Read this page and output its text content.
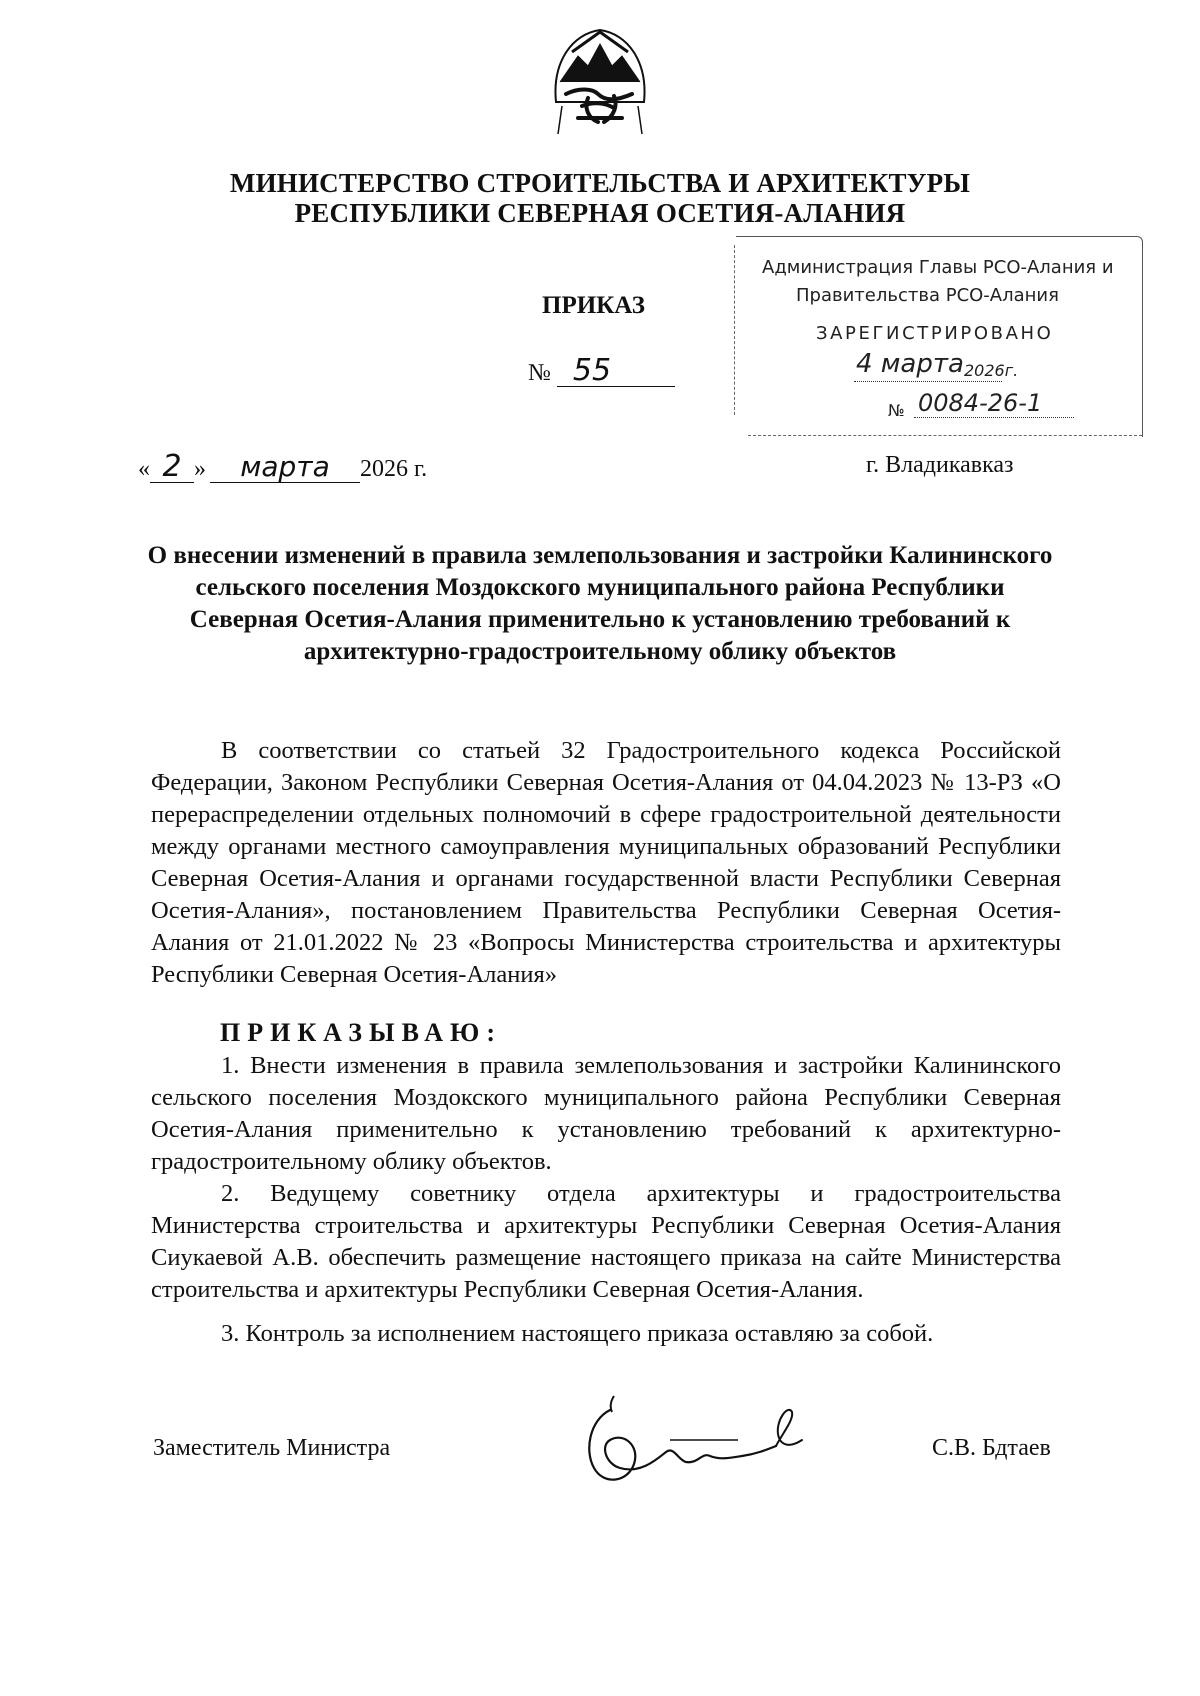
МИНИСТЕРСТВО СТРОИТЕЛЬСТВА И АРХИТЕКТУРЫ
РЕСПУБЛИКИ СЕВЕРНАЯ ОСЕТИЯ-АЛАНИЯ
ПРИКАЗ
№ 55
Администрация Главы РСО-Алания и
Правительства РСО-Алания
ЗАРЕГИСТРИРОВАНО
4 марта 2026г.
№ 0084-26-1
« 2 »	марта	2026 г.	г. Владикавказ
О внесении изменений в правила землепользования и застройки Калининского сельского поселения Моздокского муниципального района Республики Северная Осетия-Алания применительно к установлению требований к архитектурно-градостроительному облику объектов
В соответствии со статьей 32 Градостроительного кодекса Российской Федерации, Законом Республики Северная Осетия-Алания от 04.04.2023 № 13-РЗ «О перераспределении отдельных полномочий в сфере градостроительной деятельности между органами местного самоуправления муниципальных образований Республики Северная Осетия-Алания и органами государственной власти Республики Северная Осетия-Алания», постановлением Правительства Республики Северная Осетия-Алания от 21.01.2022 № 23 «Вопросы Министерства строительства и архитектуры Республики Северная Осетия-Алания»
ПРИКАЗЫВАЮ:
1. Внести изменения в правила землепользования и застройки Калининского сельского поселения Моздокского муниципального района Республики Северная Осетия-Алания применительно к установлению требований к архитектурно-градостроительному облику объектов.
2. Ведущему советнику отдела архитектуры и градостроительства Министерства строительства и архитектуры Республики Северная Осетия-Алания Сиукаевой А.В. обеспечить размещение настоящего приказа на сайте Министерства строительства и архитектуры Республики Северная Осетия-Алания.
3. Контроль за исполнением настоящего приказа оставляю за собой.
Заместитель Министра	С.В. Бдтаев
